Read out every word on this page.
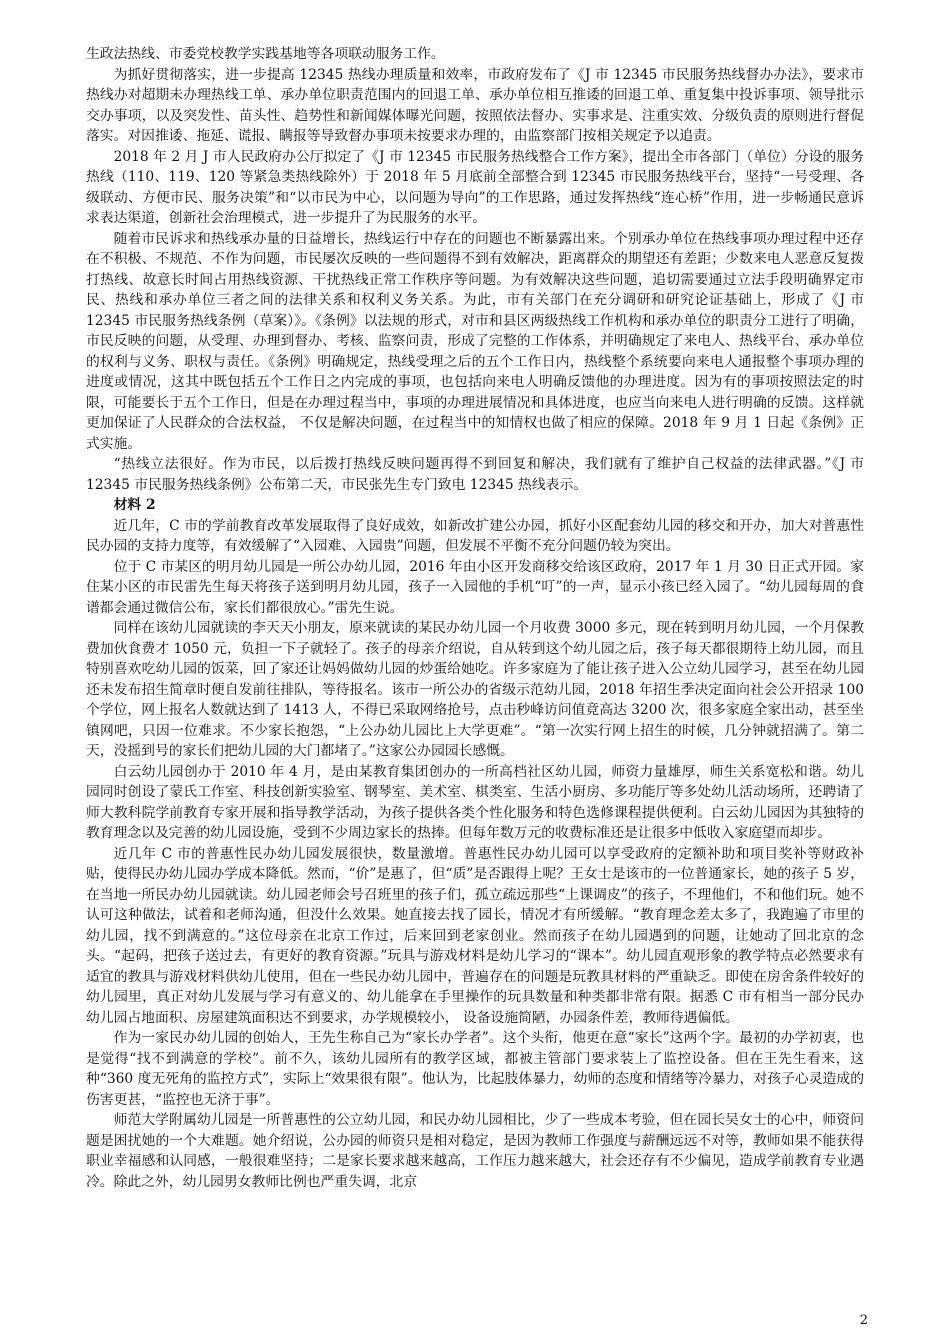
生政法热线、市委党校教学实践基地等各项联动服务工作。

为抓好贯彻落实，进一步提高 12345 热线办理质量和效率，市政府发布了《J 市 12345 市民服务热线督办办法》，要求市热线办对超期未办理热线工单、承办单位职责范围内的回退工单、承办单位相互推诿的回退工单、重复集中投诉事项、领导批示交办事项，以及突发性、苗头性、趋势性和新闻媒体曝光问题，按照依法督办、实事求是、注重实效、分级负责的原则进行督促落实。对因推诿、拖延、谎报、瞒报等导致督办事项未按要求办理的，由监察部门按相关规定予以追责。

2018 年 2 月 J 市人民政府办公厅拟定了《J 市 12345 市民服务热线整合工作方案》，提出全市各部门（单位）分设的服务热线（110、119、120 等紧急类热线除外）于 2018 年 5 月底前全部整合到 12345 市民服务热线平台，坚持“一号受理、各级联动、方便市民、服务决策”和“以市民为中心，以问题为导向”的工作思路，通过发挥热线“连心桥”作用，进一步畅通民意诉求表达渠道，创新社会治理模式，进一步提升了为民服务的水平。

随着市民诉求和热线承办量的日益增长，热线运行中存在的问题也不断暴露出来。个别承办单位在热线事项办理过程中还存在不积极、不规范、不作为问题，市民屡次反映的一些问题得不到有效解决，距离群众的期望还有差距；少数来电人恶意反复拨打热线、故意长时间占用热线资源、干扰热线正常工作秩序等问题。为有效解决这些问题，追切需要通过立法手段明确界定市民、热线和承办单位三者之间的法律关系和权利义务关系。为此，市有关部门在充分调研和研究论证基础上，形成了《J 市 12345 市民服务热线条例（草案）》。《条例》以法规的形式，对市和县区两级热线工作机构和承办单位的职责分工进行了明确，市民反映的问题，从受理、办理到督办、考核、监察问责，形成了完整的工作体系，并明确规定了来电人、热线平台、承办单位的权利与义务、职权与责任。《条例》明确规定，热线受理之后的五个工作日内，热线整个系统要向来电人通报整个事项办理的进度或情况，这其中既包括五个工作日之内完成的事项，也包括向来电人明确反馈他的办理进度。因为有的事项按照法定的时限，可能要长于五个工作日，但是在办理过程当中，事项的办理进展情况和具体进度，也应当向来电人进行明确的反馈。这样就更加保证了人民群众的合法权益， 不仅是解决问题，在过程当中的知情权也做了相应的保障。2018 年 9 月 1 日起《条例》正式实施。

“热线立法很好。作为市民，以后拨打热线反映问题再得不到回复和解决，我们就有了维护自己权益的法律武器。”《J 市 12345 市民服务热线条例》公布第二天，市民张先生专门致电 12345 热线表示。

材料 2

近几年，C 市的学前教育改革发展取得了良好成效，如新改扩建公办园，抓好小区配套幼儿园的移交和开办，加大对普惠性民办园的支持力度等，有效缓解了“入园难、入园贵”问题，但发展不平衡不充分问题仍较为突出。

位于 C 市某区的明月幼儿园是一所公办幼儿园，2016 年由小区开发商移交给该区政府，2017 年 1 月 30 日正式开园。家住某小区的市民雷先生每天将孩子送到明月幼儿园，孩子一入园他的手机“叮”的一声，显示小孩已经入园了。“幼儿园每周的食谱都会通过微信公布，家长们都很放心。”雷先生说。

同样在该幼儿园就读的李天天小朋友，原来就读的某民办幼儿园一个月收费 3000 多元，现在转到明月幼儿园，一个月保教费加伙食费才 1050 元，负担一下子就轻了。孩子的母亲介绍说，自从转到这个幼儿园之后，孩子每天都很期待上幼儿园，而且特别喜欢吃幼儿园的饭菜，回了家还让妈妈做幼儿园的炒蛋给她吃。许多家庭为了能让孩子进入公立幼儿园学习，甚至在幼儿园还未发布招生简章时便自发前往排队，等待报名。该市一所公办的省级示范幼儿园，2018 年招生季决定面向社会公开招录 100 个学位，网上报名人数就达到了 1413 人，不得已采取网络抢号，点击秒峰访问值竟高达 3200 次，很多家庭全家出动，甚至坐镇网吧，只因一位难求。不少家长抱怨，“上公办幼儿园比上大学更难”。“第一次实行网上招生的时候，几分钟就招满了。第二天，没摇到号的家长们把幼儿园的大门都堵了。”这家公办园园长感慨。

白云幼儿园创办于 2010 年 4 月，是由某教育集团创办的一所高档社区幼儿园，师资力量雄厚，师生关系宽松和谐。幼儿园同时创设了蒙氏工作室、科技创新实验室、钢琴室、美术室、棋类室、生活小厨房、多功能厅等多处幼儿活动场所，还聘请了师大教科院学前教育专家开展和指导教学活动，为孩子提供各类个性化服务和特色选修课程提供便利。白云幼儿园因为其独特的教育理念以及完善的幼儿园设施，受到不少周边家长的热捧。但每年数万元的收费标准还是让很多中低收入家庭望而却步。

近几年 C 市的普惠性民办幼儿园发展很快，数量激增。普惠性民办幼儿园可以享受政府的定额补助和项目奖补等财政补贴，使得民办幼儿园办学成本降低。然而，“价”是惠了，但“质”是否跟得上呢？王女士是该市的一位普通家长，她的孩子 5 岁，在当地一所民办幼儿园就读。幼儿园老师会号召班里的孩子们，孤立疏远那些“上课调皮”的孩子，不理他们，不和他们玩。她不认可这种做法，试着和老师沟通，但没什么效果。她直接去找了园长，情况才有所缓解。“教育理念差太多了，我跑遍了市里的幼儿园，找不到满意的。”这位母亲在北京工作过，后来回到老家创业。然而孩子在幼儿园遇到的问题，让她动了回北京的念头。“起码，把孩子送过去，有更好的教育资源。”玩具与游戏材料是幼儿学习的“课本”。幼儿园直观形象的教学特点必然要求有适宜的教具与游戏材料供幼儿使用，但在一些民办幼儿园中，普遍存在的问题是玩教具材料的严重缺乏。即使在房舍条件较好的幼儿园里，真正对幼儿发展与学习有意义的、幼儿能拿在手里操作的玩具数量和种类都非常有限。据悉 C 市有相当一部分民办幼儿园占地面积、房屋建筑面积达不到要求，办学规模较小， 设备设施简陋，办园条件差，教师待遇偏低。

作为一家民办幼儿园的创始人，王先生称自己为“家长办学者”。这个头衔，他更在意“家长”这两个字。最初的办学初衷，也是觉得“找不到满意的学校”。前不久，该幼儿园所有的教学区域，都被主管部门要求装上了监控设备。但在王先生看来，这种“360 度无死角的监控方式”，实际上“效果很有限”。他认为，比起肢体暴力，幼师的态度和情绪等冷暴力，对孩子心灵造成的伤害更甚，“监控也无济于事”。

师范大学附属幼儿园是一所普惠性的公立幼儿园，和民办幼儿园相比，少了一些成本考验，但在园长吴女士的心中，师资问题是困扰她的一个大难题。她介绍说，公办园的师资只是相对稳定，是因为教师工作强度与薪酬远远不对等，教师如果不能获得职业幸福感和认同感，一般很难坚持；二是家长要求越来越高，工作压力越来越大，社会还存有不少偏见，造成学前教育专业遇冷。除此之外，幼儿园男女教师比例也严重失调，北京

2
